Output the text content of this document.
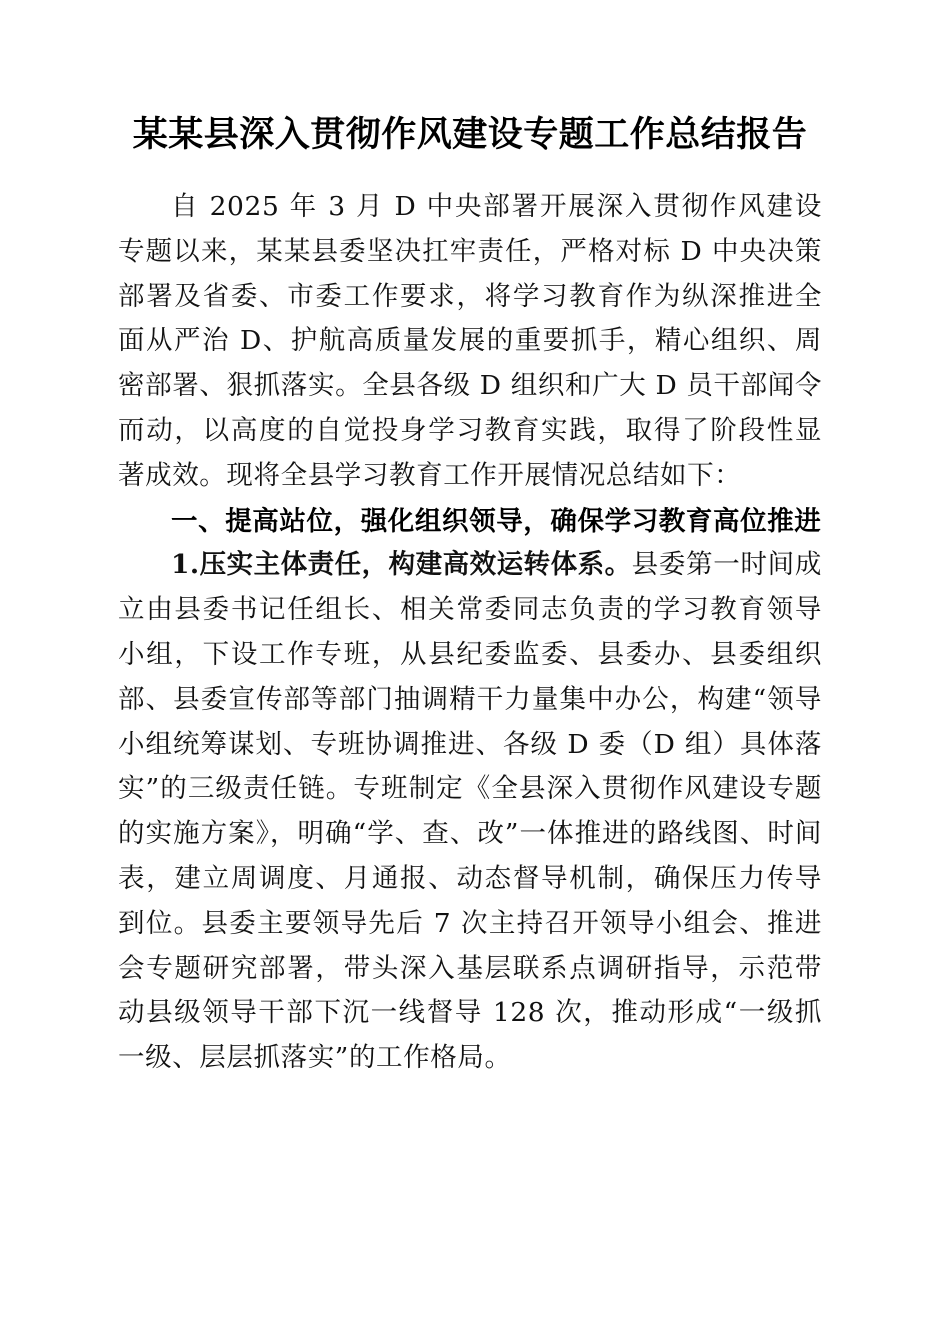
某某县深入贯彻作风建设专题工作总结报告

自 2025 年 3 月 D 中央部署开展深入贯彻作风建设专题以来，某某县委坚决扛牢责任，严格对标 D 中央决策部署及省委、市委工作要求，将学习教育作为纵深推进全面从严治 D、护航高质量发展的重要抓手，精心组织、周密部署、狠抓落实。全县各级 D 组织和广大 D 员干部闻令而动，以高度的自觉投身学习教育实践，取得了阶段性显著成效。现将全县学习教育工作开展情况总结如下：

一、提高站位，强化组织领导，确保学习教育高位推进

1.压实主体责任，构建高效运转体系。县委第一时间成立由县委书记任组长、相关常委同志负责的学习教育领导小组，下设工作专班，从县纪委监委、县委办、县委组织部、县委宣传部等部门抽调精干力量集中办公，构建“领导小组统筹谋划、专班协调推进、各级 D 委（D 组）具体落实”的三级责任链。专班制定《全县深入贯彻作风建设专题的实施方案》，明确“学、查、改”一体推进的路线图、时间表，建立周调度、月通报、动态督导机制，确保压力传导到位。县委主要领导先后 7 次主持召开领导小组会、推进会专题研究部署，带头深入基层联系点调研指导，示范带动县级领导干部下沉一线督导 128 次，推动形成“一级抓一级、层层抓落实”的工作格局。
